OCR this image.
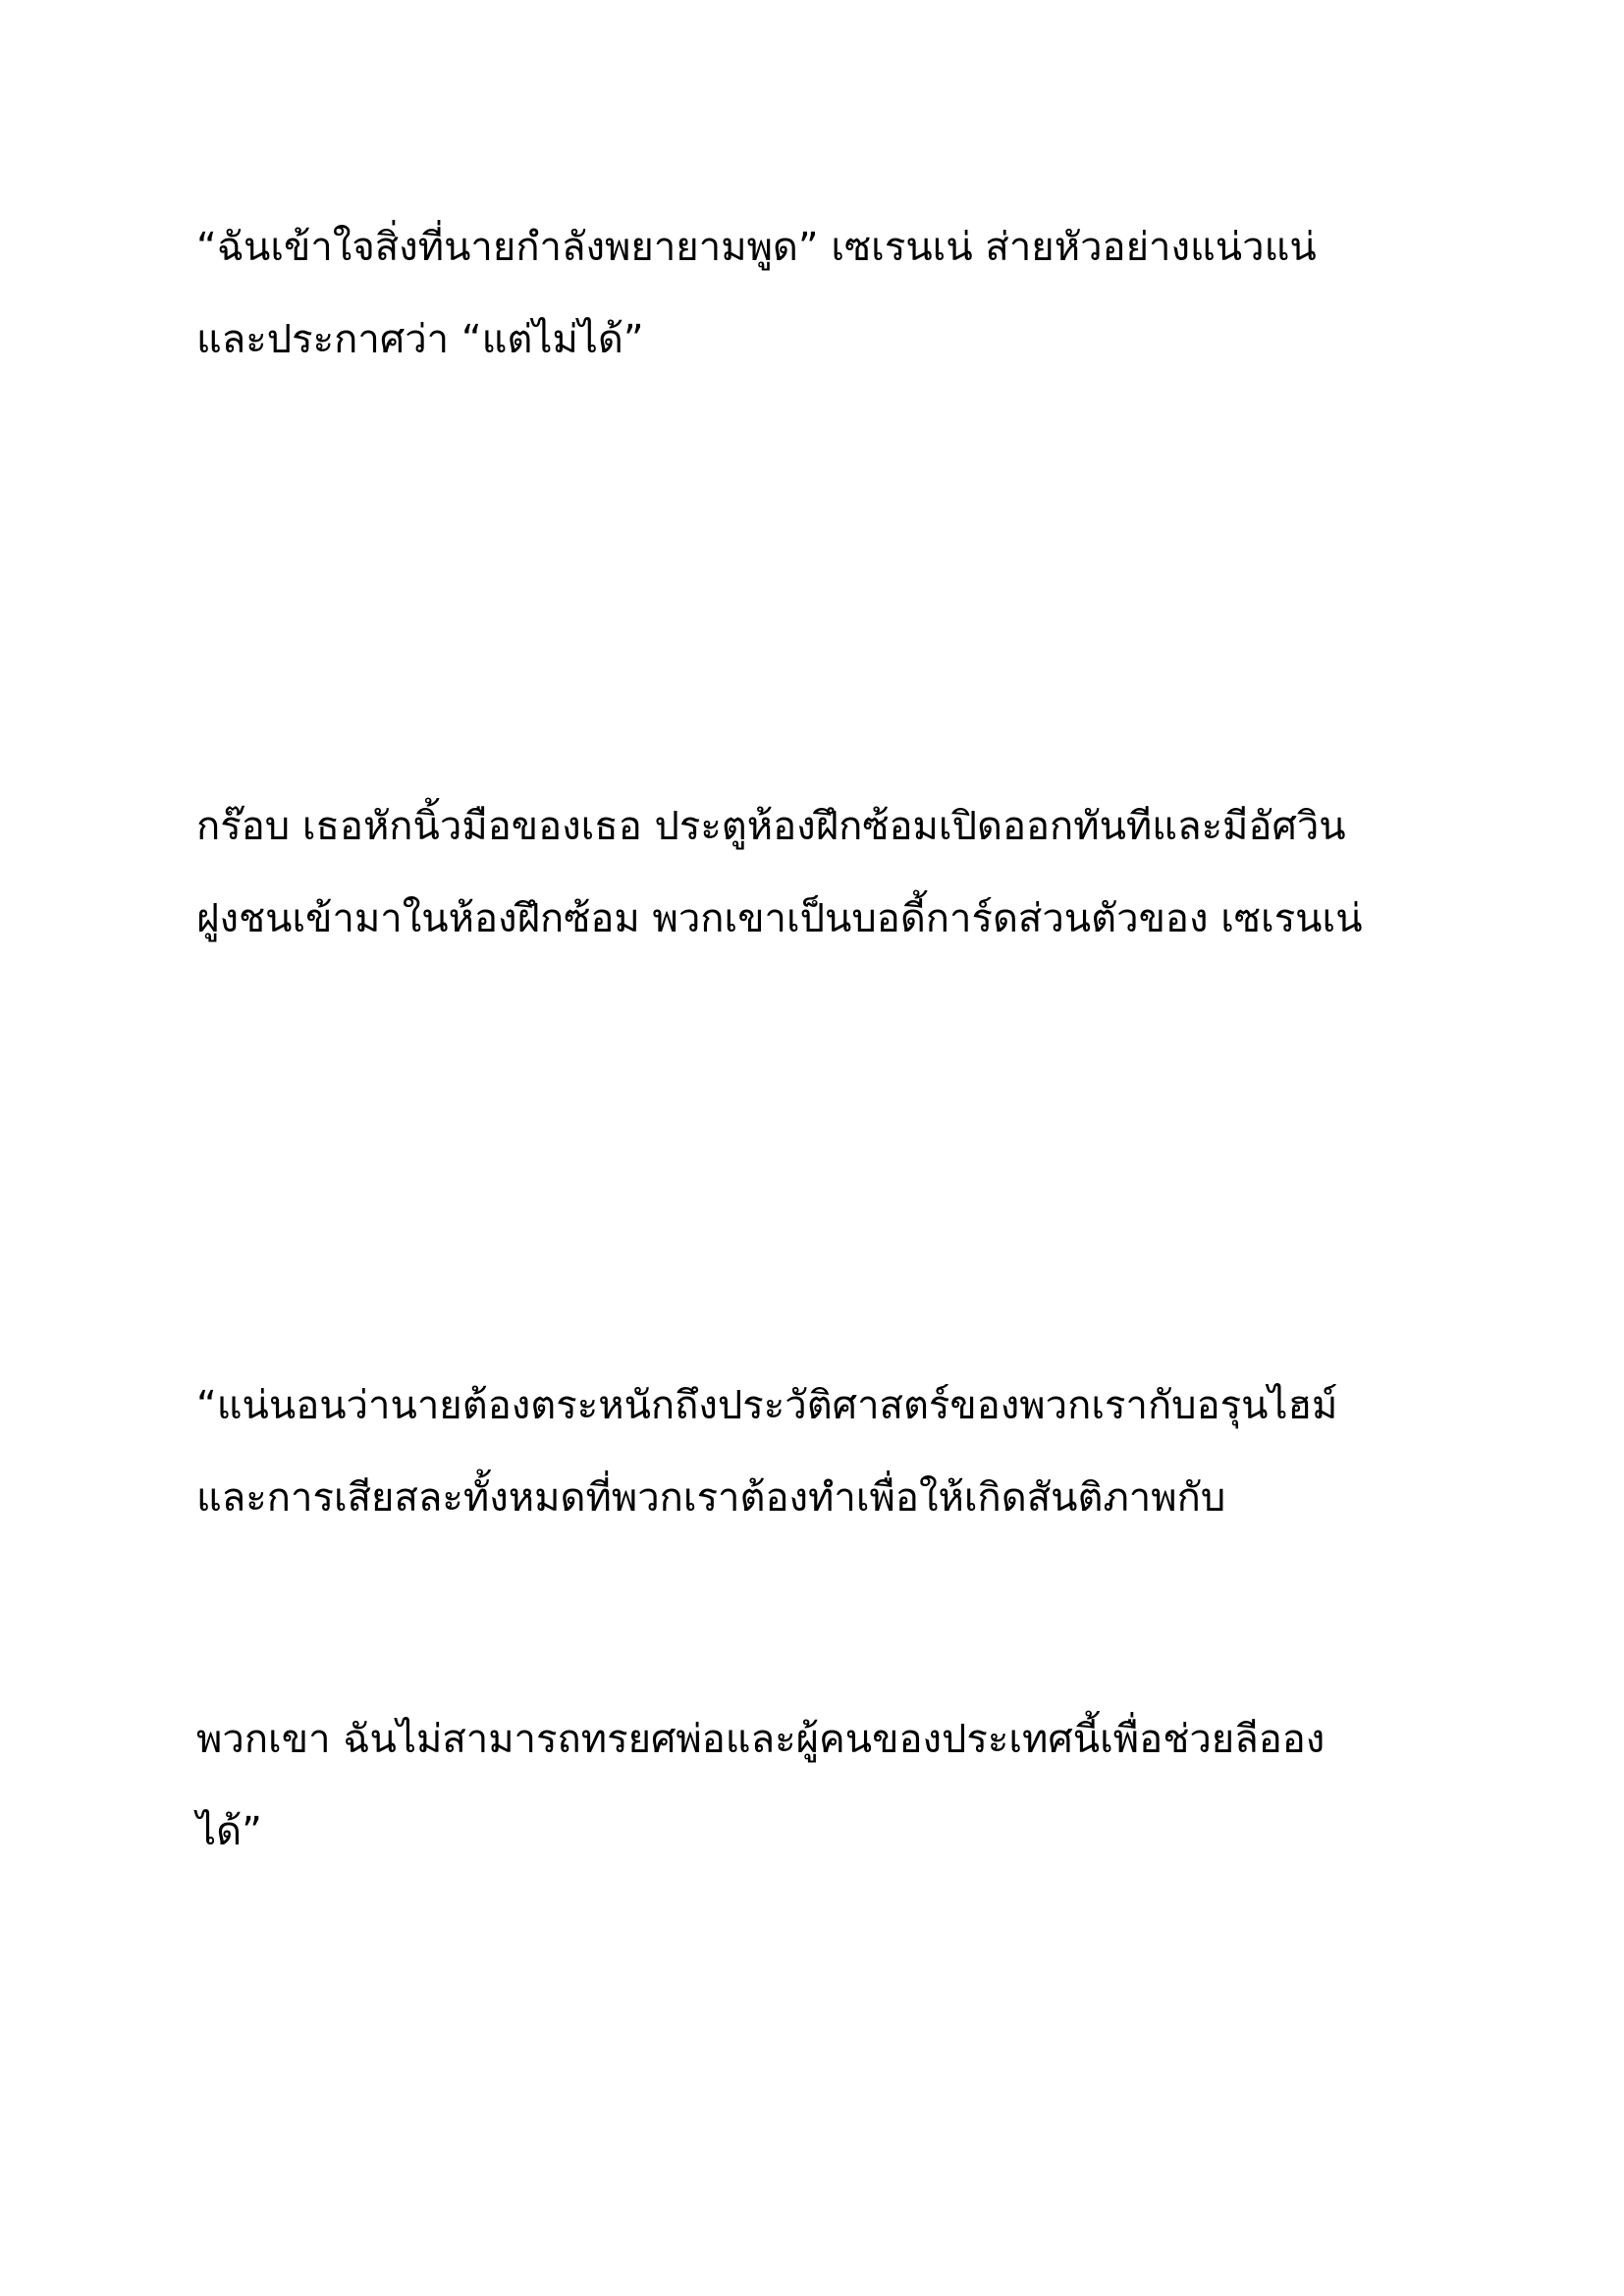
“ฉันเข้าใจสิ่งที่นายกำลังพยายามพูด” เซเรนเน่ ส่ายหัวอย่างแน่วแน่
และประกาศว่า “แต่ไม่ได้”

กร๊อบ เธอหักนิ้วมือของเธอ ประตูห้องฝึกซ้อมเปิดออกทันทีและมีอัศวิน
ฝูงชนเข้ามาในห้องฝึกซ้อม พวกเขาเป็นบอดี้การ์ดส่วนตัวของ เซเรนเน่

“แน่นอนว่านายต้องตระหนักถึงประวัติศาสตร์ของพวกเรากับอรุนไฮม์
และการเสียสละทั้งหมดที่พวกเราต้องทำเพื่อให้เกิดสันติภาพกับ

พวกเขา ฉันไม่สามารถทรยศพ่อและผู้คนของประเทศนี้เพื่อช่วยลีออง
ได้”
